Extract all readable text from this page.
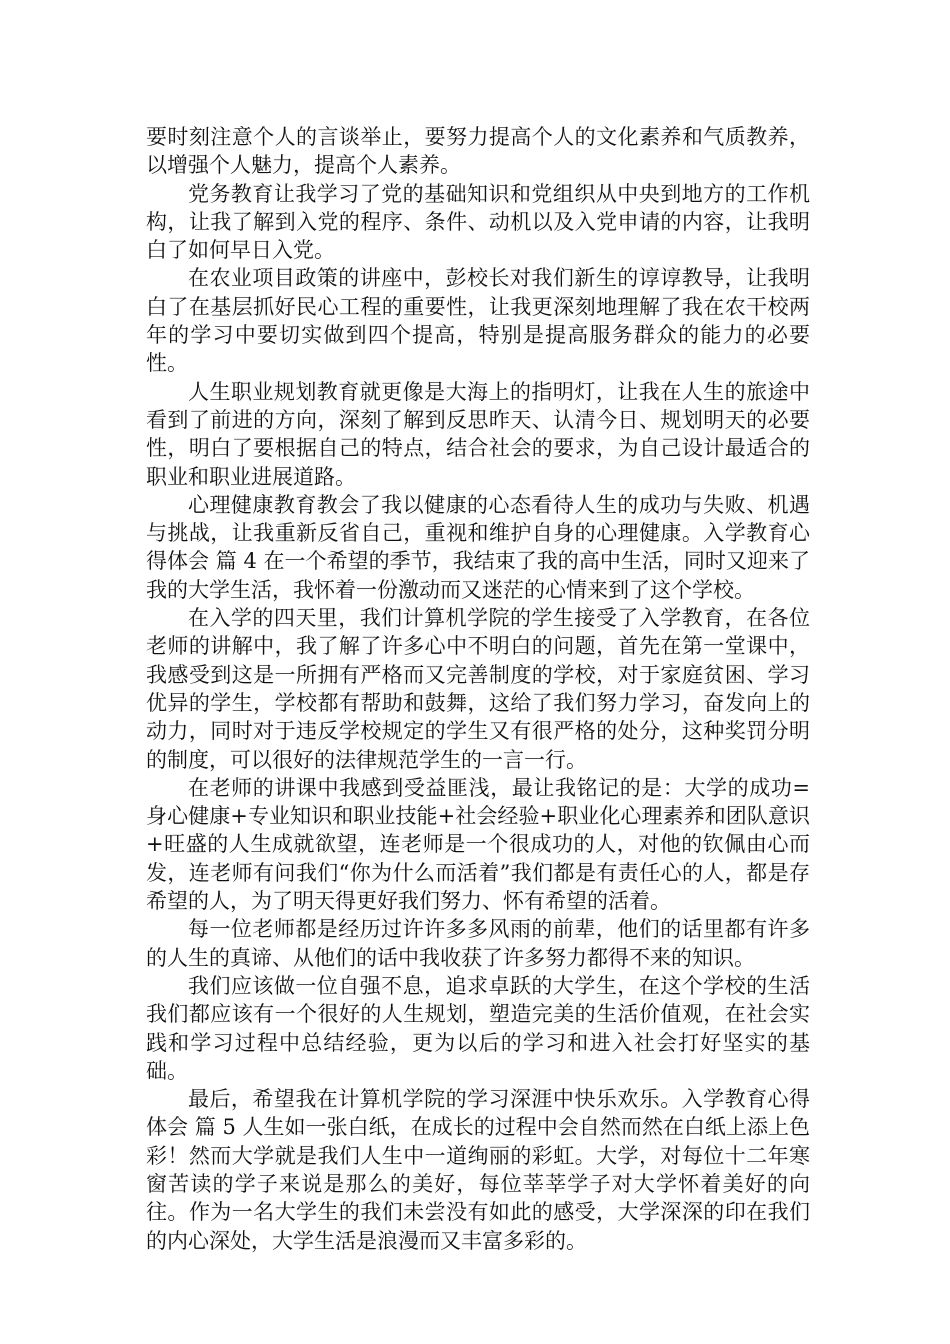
要时刻注意个人的言谈举止，要努力提高个人的文化素养和气质教养，以增强个人魅力，提高个人素养。

党务教育让我学习了党的基础知识和党组织从中央到地方的工作机构，让我了解到入党的程序、条件、动机以及入党申请的内容，让我明白了如何早日入党。

在农业项目政策的讲座中，彭校长对我们新生的谆谆教导，让我明白了在基层抓好民心工程的重要性，让我更深刻地理解了我在农干校两年的学习中要切实做到四个提高，特别是提高服务群众的能力的必要性。

人生职业规划教育就更像是大海上的指明灯，让我在人生的旅途中看到了前进的方向，深刻了解到反思昨天、认清今日、规划明天的必要性，明白了要根据自己的特点，结合社会的要求，为自己设计最适合的职业和职业进展道路。

心理健康教育教会了我以健康的心态看待人生的成功与失败、机遇与挑战，让我重新反省自己，重视和维护自身的心理健康。入学教育心得体会 篇 4 在一个希望的季节，我结束了我的高中生活，同时又迎来了我的大学生活，我怀着一份激动而又迷茫的心情来到了这个学校。

在入学的四天里，我们计算机学院的学生接受了入学教育，在各位老师的讲解中，我了解了许多心中不明白的问题，首先在第一堂课中，我感受到这是一所拥有严格而又完善制度的学校，对于家庭贫困、学习优异的学生，学校都有帮助和鼓舞，这给了我们努力学习，奋发向上的动力，同时对于违反学校规定的学生又有很严格的处分，这种奖罚分明的制度，可以很好的法律规范学生的一言一行。

在老师的讲课中我感到受益匪浅，最让我铭记的是：大学的成功=身心健康+专业知识和职业技能+社会经验+职业化心理素养和团队意识+旺盛的人生成就欲望，连老师是一个很成功的人，对他的钦佩由心而发，连老师有问我们“你为什么而活着”我们都是有责任心的人，都是存希望的人，为了明天得更好我们努力、怀有希望的活着。

每一位老师都是经历过许许多多风雨的前辈，他们的话里都有许多的人生的真谛、从他们的话中我收获了许多努力都得不来的知识。

我们应该做一位自强不息，追求卓跃的大学生，在这个学校的生活我们都应该有一个很好的人生规划，塑造完美的生活价值观，在社会实践和学习过程中总结经验，更为以后的学习和进入社会打好坚实的基础。

最后，希望我在计算机学院的学习深涯中快乐欢乐。入学教育心得体会 篇 5 人生如一张白纸，在成长的过程中会自然而然在白纸上添上色彩！然而大学就是我们人生中一道绚丽的彩虹。大学，对每位十二年寒窗苦读的学子来说是那么的美好，每位莘莘学子对大学怀着美好的向往。作为一名大学生的我们未尝没有如此的感受，大学深深的印在我们的内心深处，大学生活是浪漫而又丰富多彩的。
